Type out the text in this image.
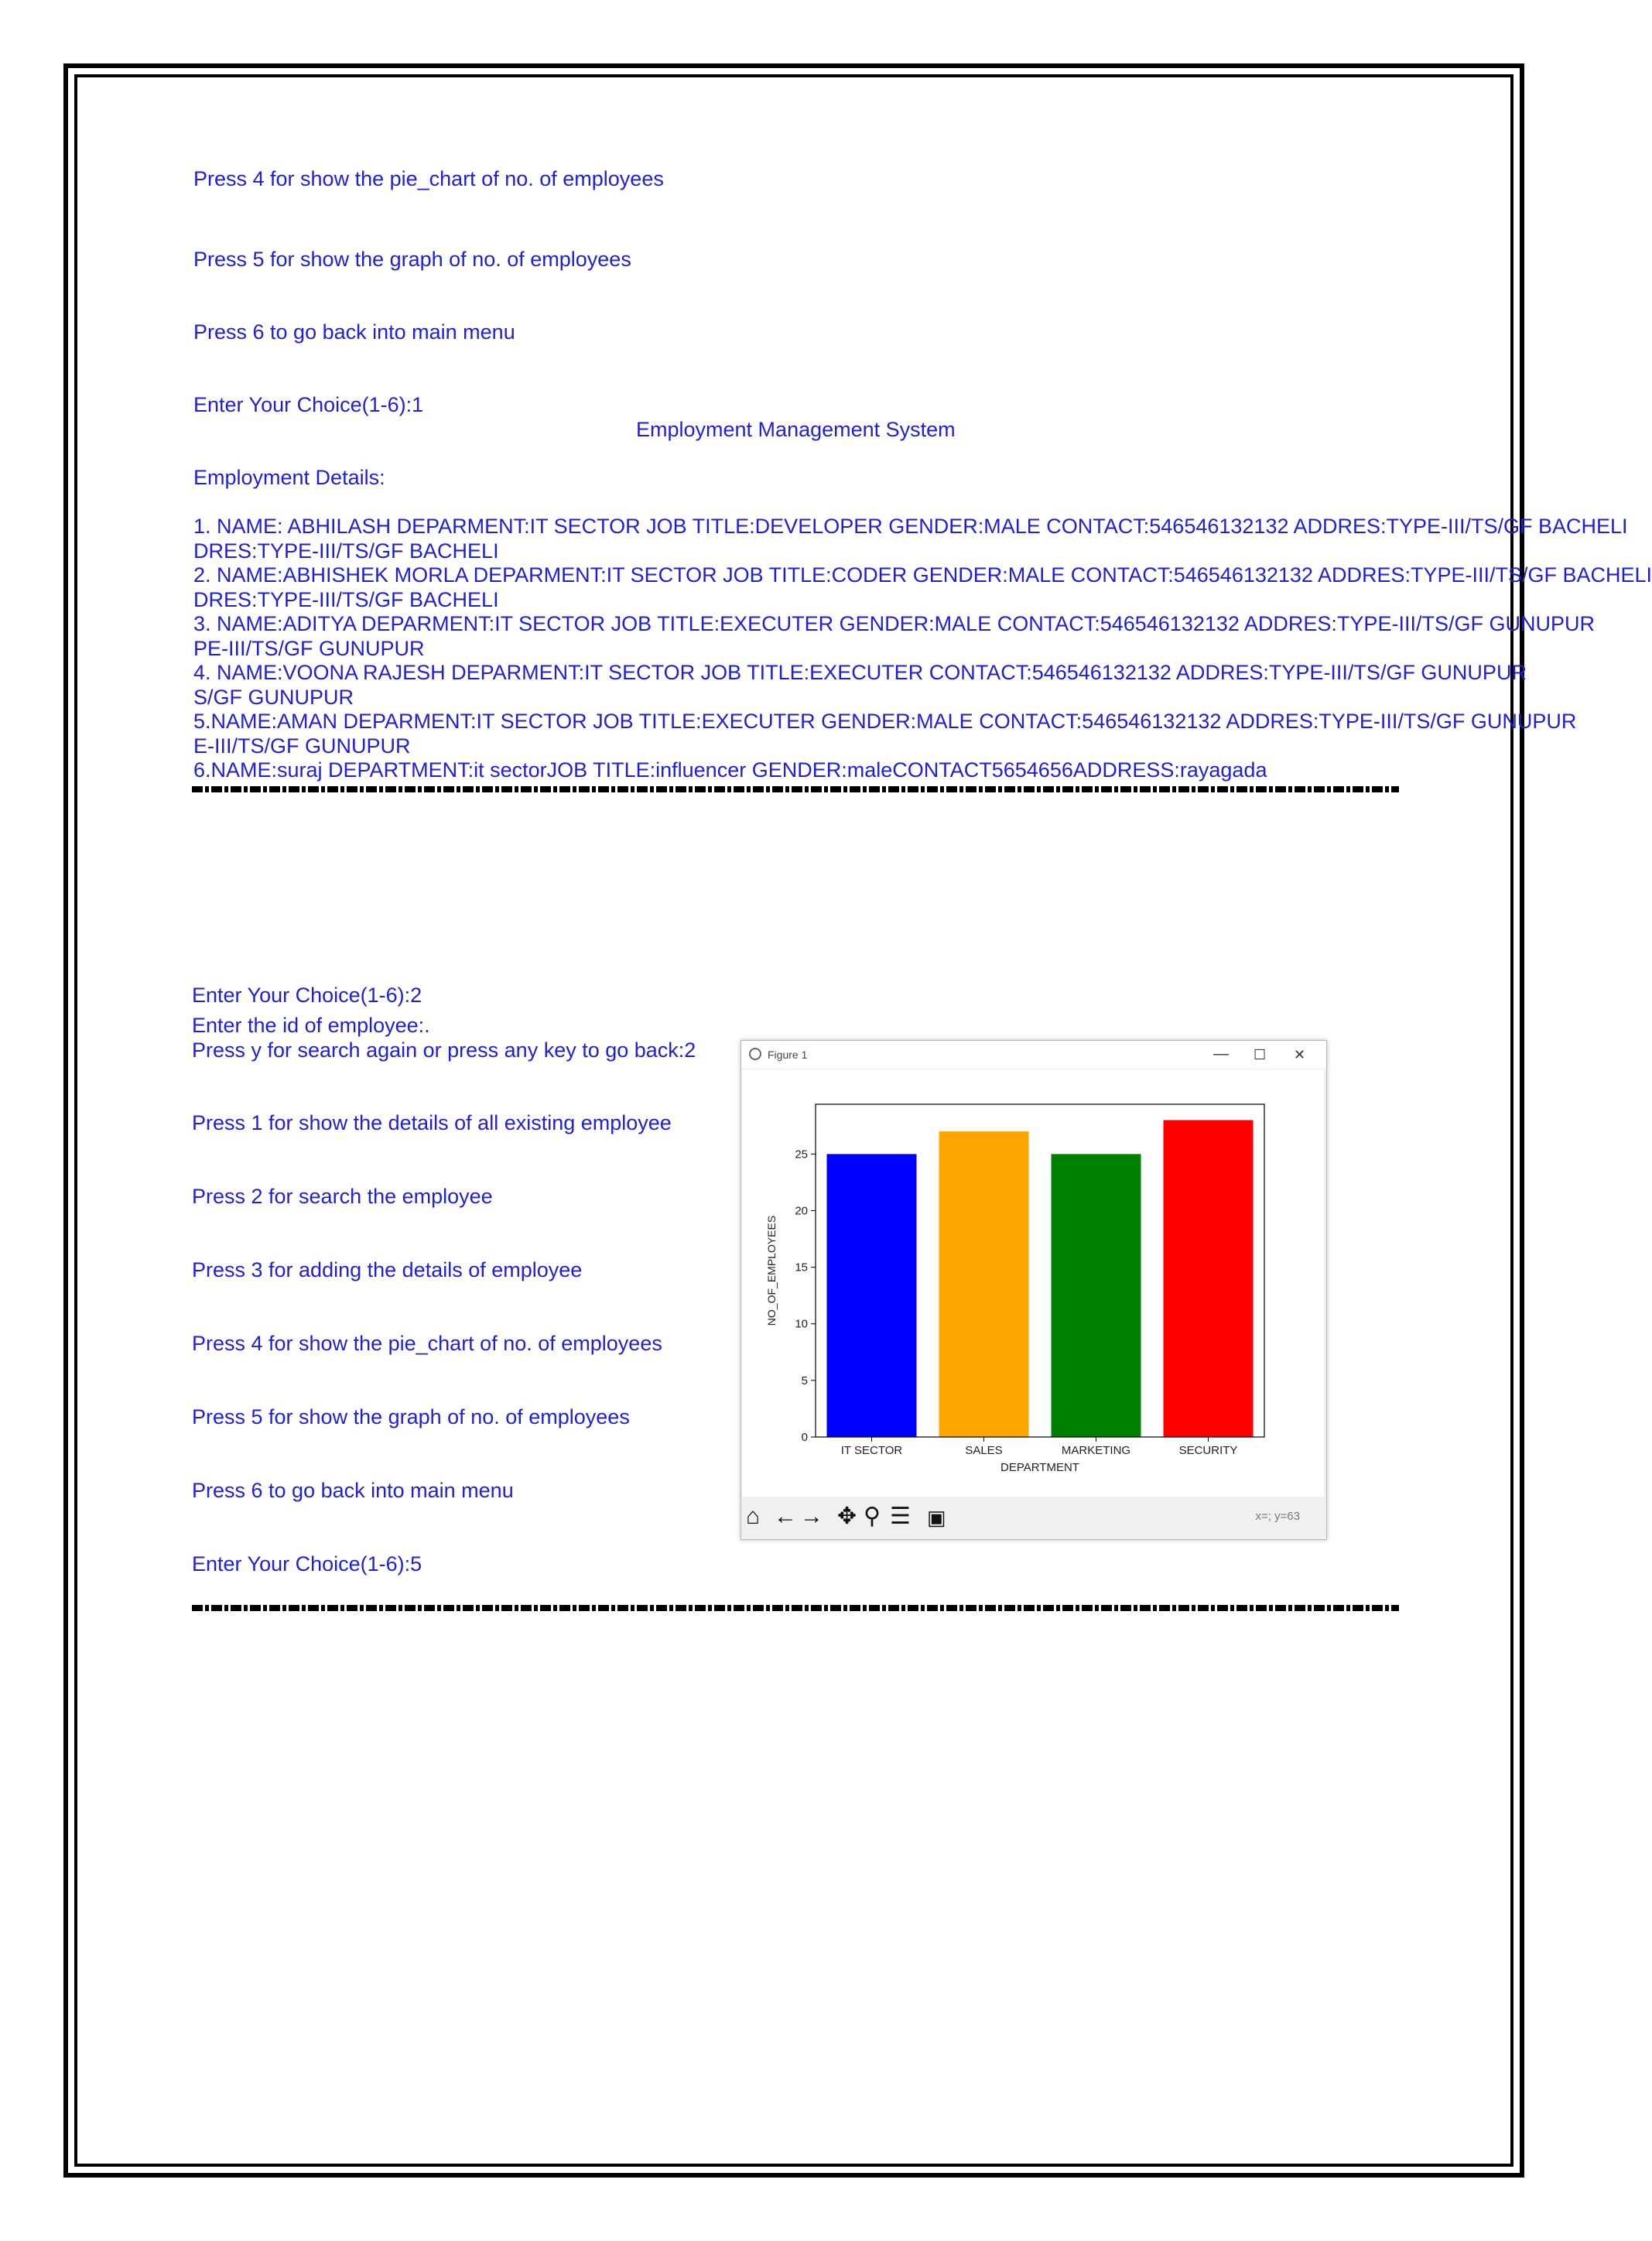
Press 4 for show the pie_chart of no. of employees

Press 5 for show the graph of no. of employees

Press 6 to go back into main menu

Enter Your Choice(1-6):1

Employment Management System

Employment Details:

1. NAME: ABHILASH DEPARMENT:IT SECTOR JOB TITLE:DEVELOPER GENDER:MALE CONTACT:546546132132 ADDRES:TYPE-III/TS/GF BACHELI
DRES:TYPE-III/TS/GF BACHELI
2. NAME:ABHISHEK MORLA DEPARMENT:IT SECTOR JOB TITLE:CODER GENDER:MALE CONTACT:546546132132 ADDRES:TYPE-III/TS/GF BACHELI
DRES:TYPE-III/TS/GF BACHELI
3. NAME:ADITYA DEPARMENT:IT SECTOR JOB TITLE:EXECUTER GENDER:MALE CONTACT:546546132132 ADDRES:TYPE-III/TS/GF GUNUPUR
PE-III/TS/GF GUNUPUR
4. NAME:VOONA RAJESH DEPARMENT:IT SECTOR JOB TITLE:EXECUTER CONTACT:546546132132 ADDRES:TYPE-III/TS/GF GUNUPUR
S/GF GUNUPUR
5.NAME:AMAN DEPARMENT:IT SECTOR JOB TITLE:EXECUTER GENDER:MALE CONTACT:546546132132 ADDRES:TYPE-III/TS/GF GUNUPUR
E-III/TS/GF GUNUPUR
6.NAME:suraj DEPARTMENT:it sectorJOB TITLE:influencer GENDER:maleCONTACT5654656ADDRESS:rayagada
Enter Your Choice(1-6):2

Enter the id of employee:.

Press y for search again or press any key to go back:2

Press 1 for show the details of all existing employee

Press 2 for search the employee

Press 3 for adding the details of employee

Press 4 for show the pie_chart of no. of employees

Press 5 for show the graph of no. of employees

Press 6 to go back into main menu

Enter Your Choice(1-6):5

Figure 1	— ☐ ✕
0
5
10
15
20
25
IT SECTOR	SALES	MARKETING	SECURITY
DEPARTMENT
NO_OF_EMPLOYEES
⌂ ← → ✥ ⚲ ☰ ▣	x=; y=63
